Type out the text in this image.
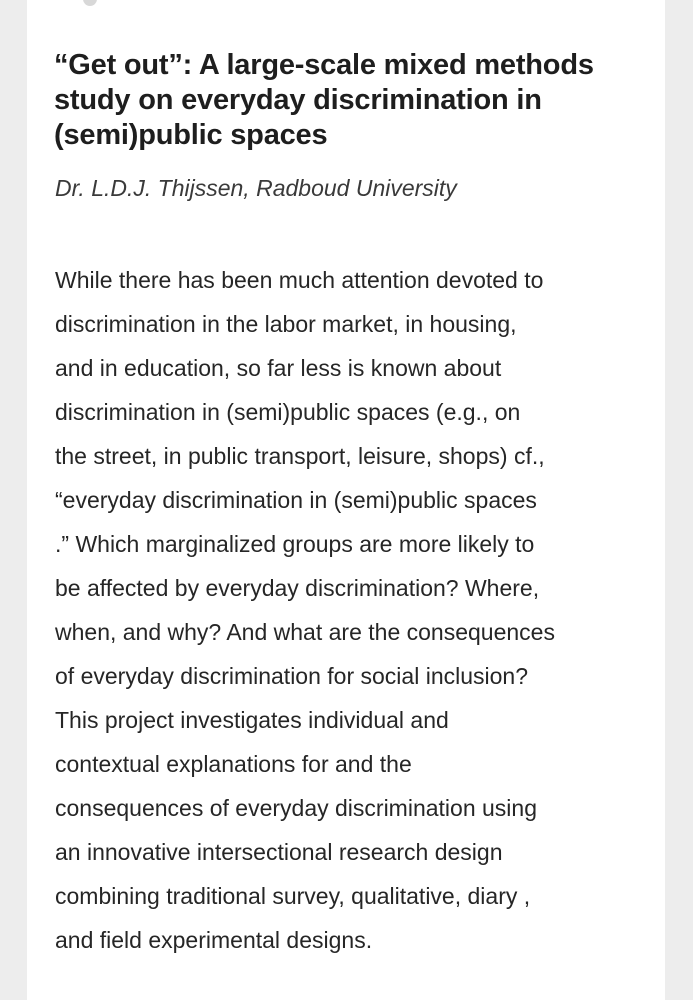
“Get out”: A large-scale mixed methods study on everyday discrimination in (semi)public spaces

Dr. L.D.J. Thijssen, Radboud University

While there has been much attention devoted to
discrimination in the labor market, in housing,
and in education, so far less is known about
discrimination in (semi)public spaces (e.g., on
the street, in public transport, leisure, shops) cf.,
“everyday discrimination in (semi)public spaces
.” Which marginalized groups are more likely to
be affected by everyday discrimination? Where,
when, and why? And what are the consequences
of everyday discrimination for social inclusion?
This project investigates individual and
contextual explanations for and the
consequences of everyday discrimination using
an innovative intersectional research design
combining traditional survey, qualitative, diary ,
and field experimental designs.
